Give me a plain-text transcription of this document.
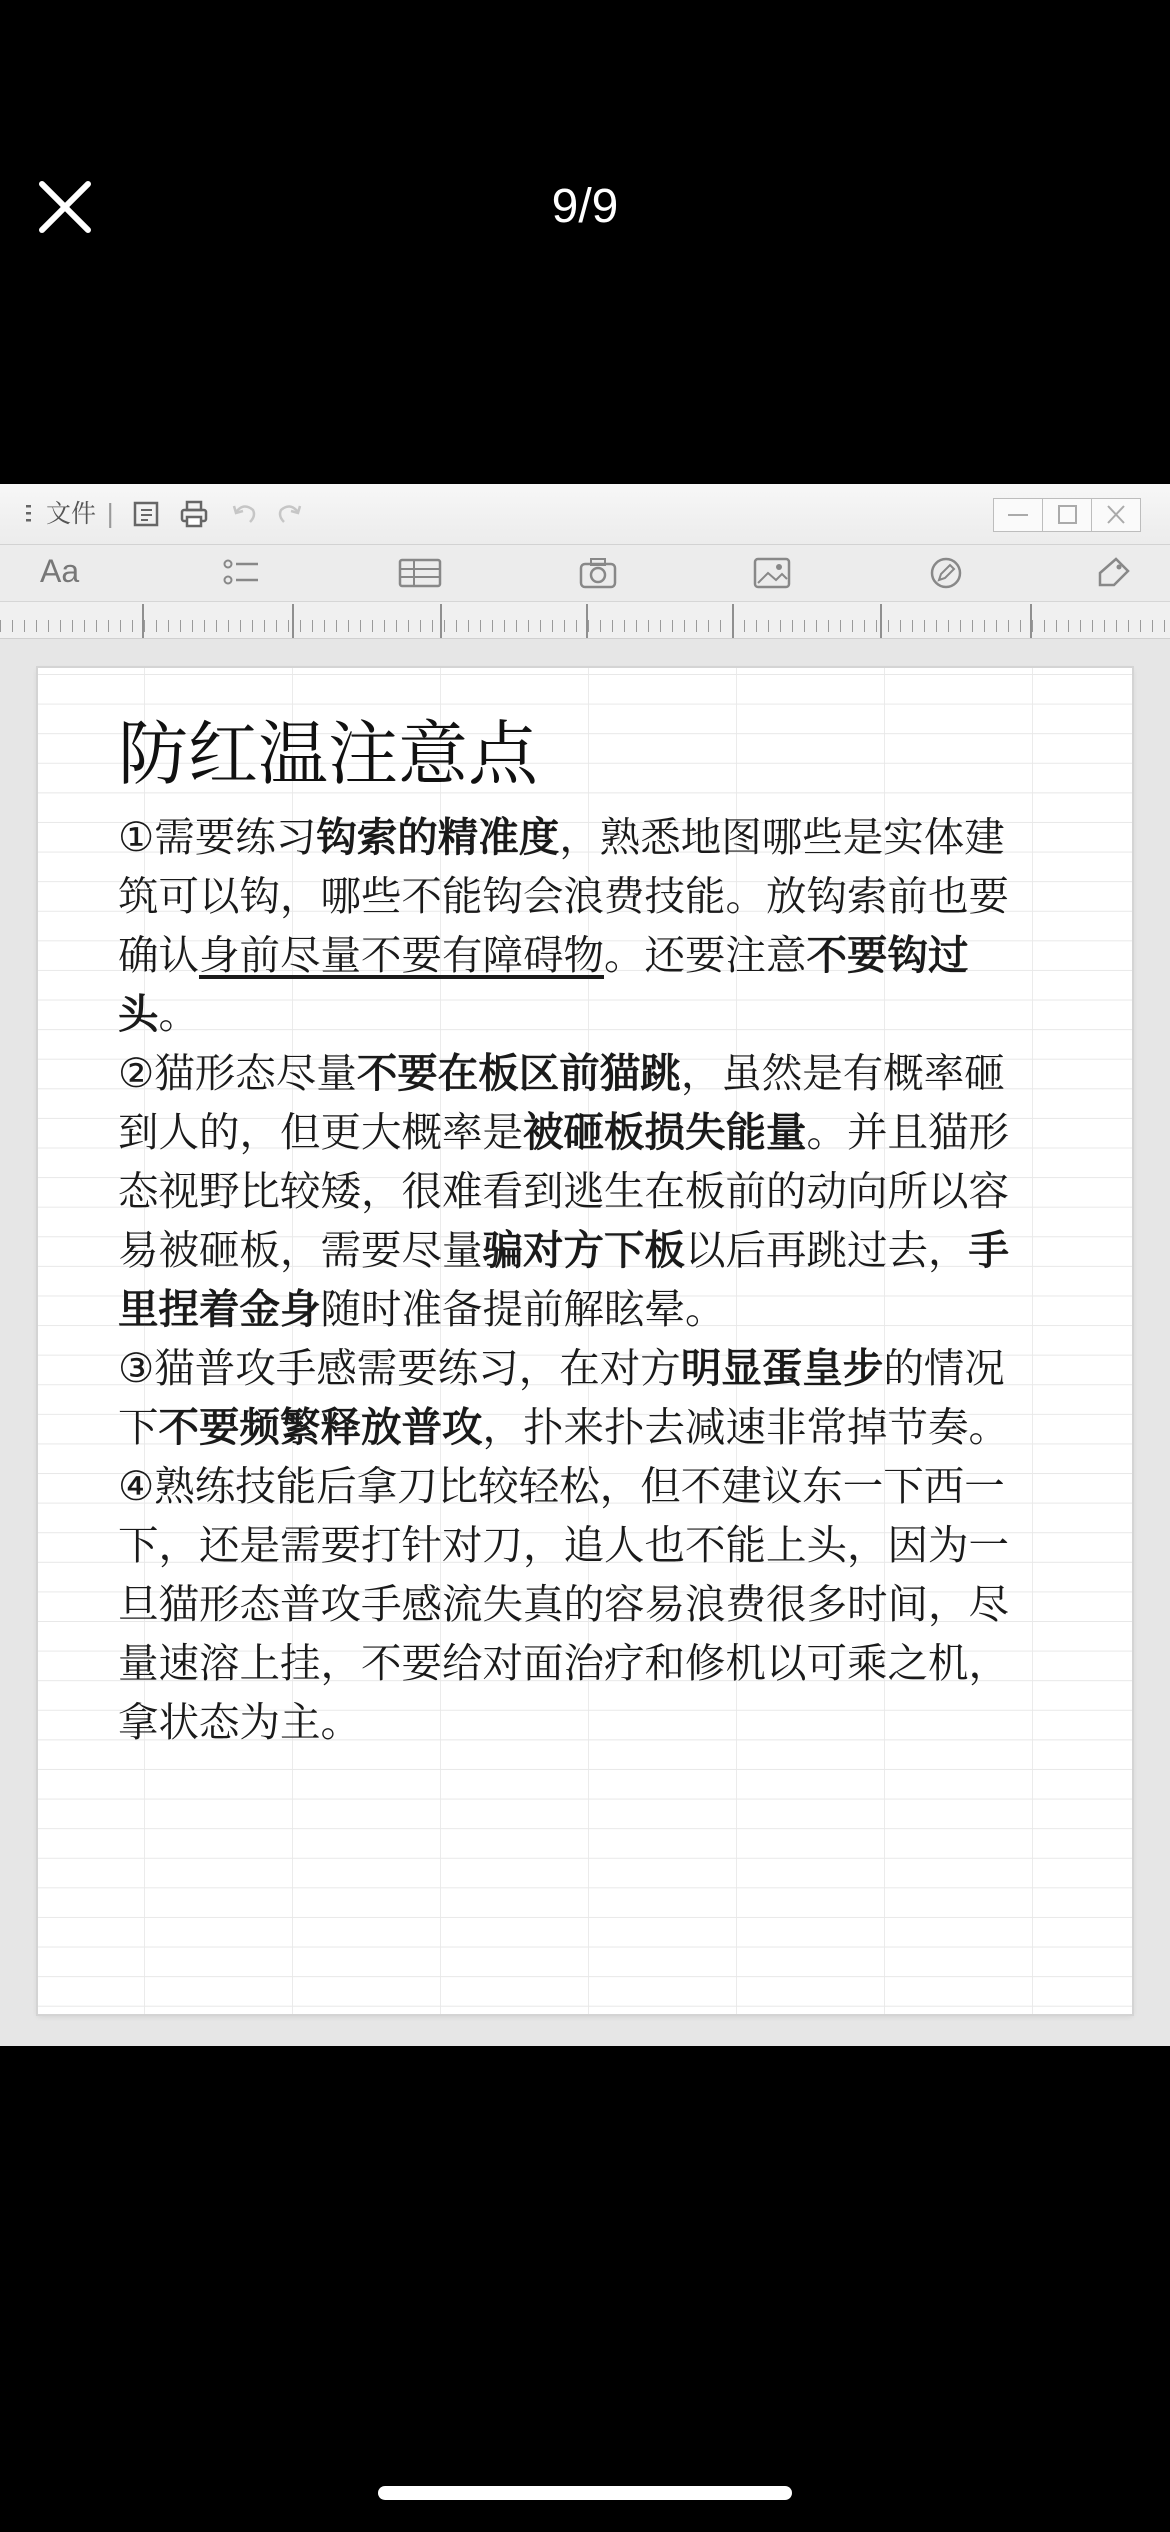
9/9
文件 |
Aa
防红温注意点

①需要练习钩索的精准度，熟悉地图哪些是实体建筑可以钩，哪些不能钩会浪费技能。放钩索前也要确认身前尽量不要有障碍物。还要注意不要钩过头。

②猫形态尽量不要在板区前猫跳，虽然是有概率砸到人的，但更大概率是被砸板损失能量。并且猫形态视野比较矮，很难看到逃生在板前的动向所以容易被砸板，需要尽量骗对方下板以后再跳过去，手里捏着金身随时准备提前解眩晕。

③猫普攻手感需要练习，在对方明显蛋皇步的情况下不要频繁释放普攻，扑来扑去减速非常掉节奏。

④熟练技能后拿刀比较轻松，但不建议东一下西一下，还是需要打针对刀，追人也不能上头，因为一旦猫形态普攻手感流失真的容易浪费很多时间，尽量速溶上挂，不要给对面治疗和修机以可乘之机，拿状态为主。
